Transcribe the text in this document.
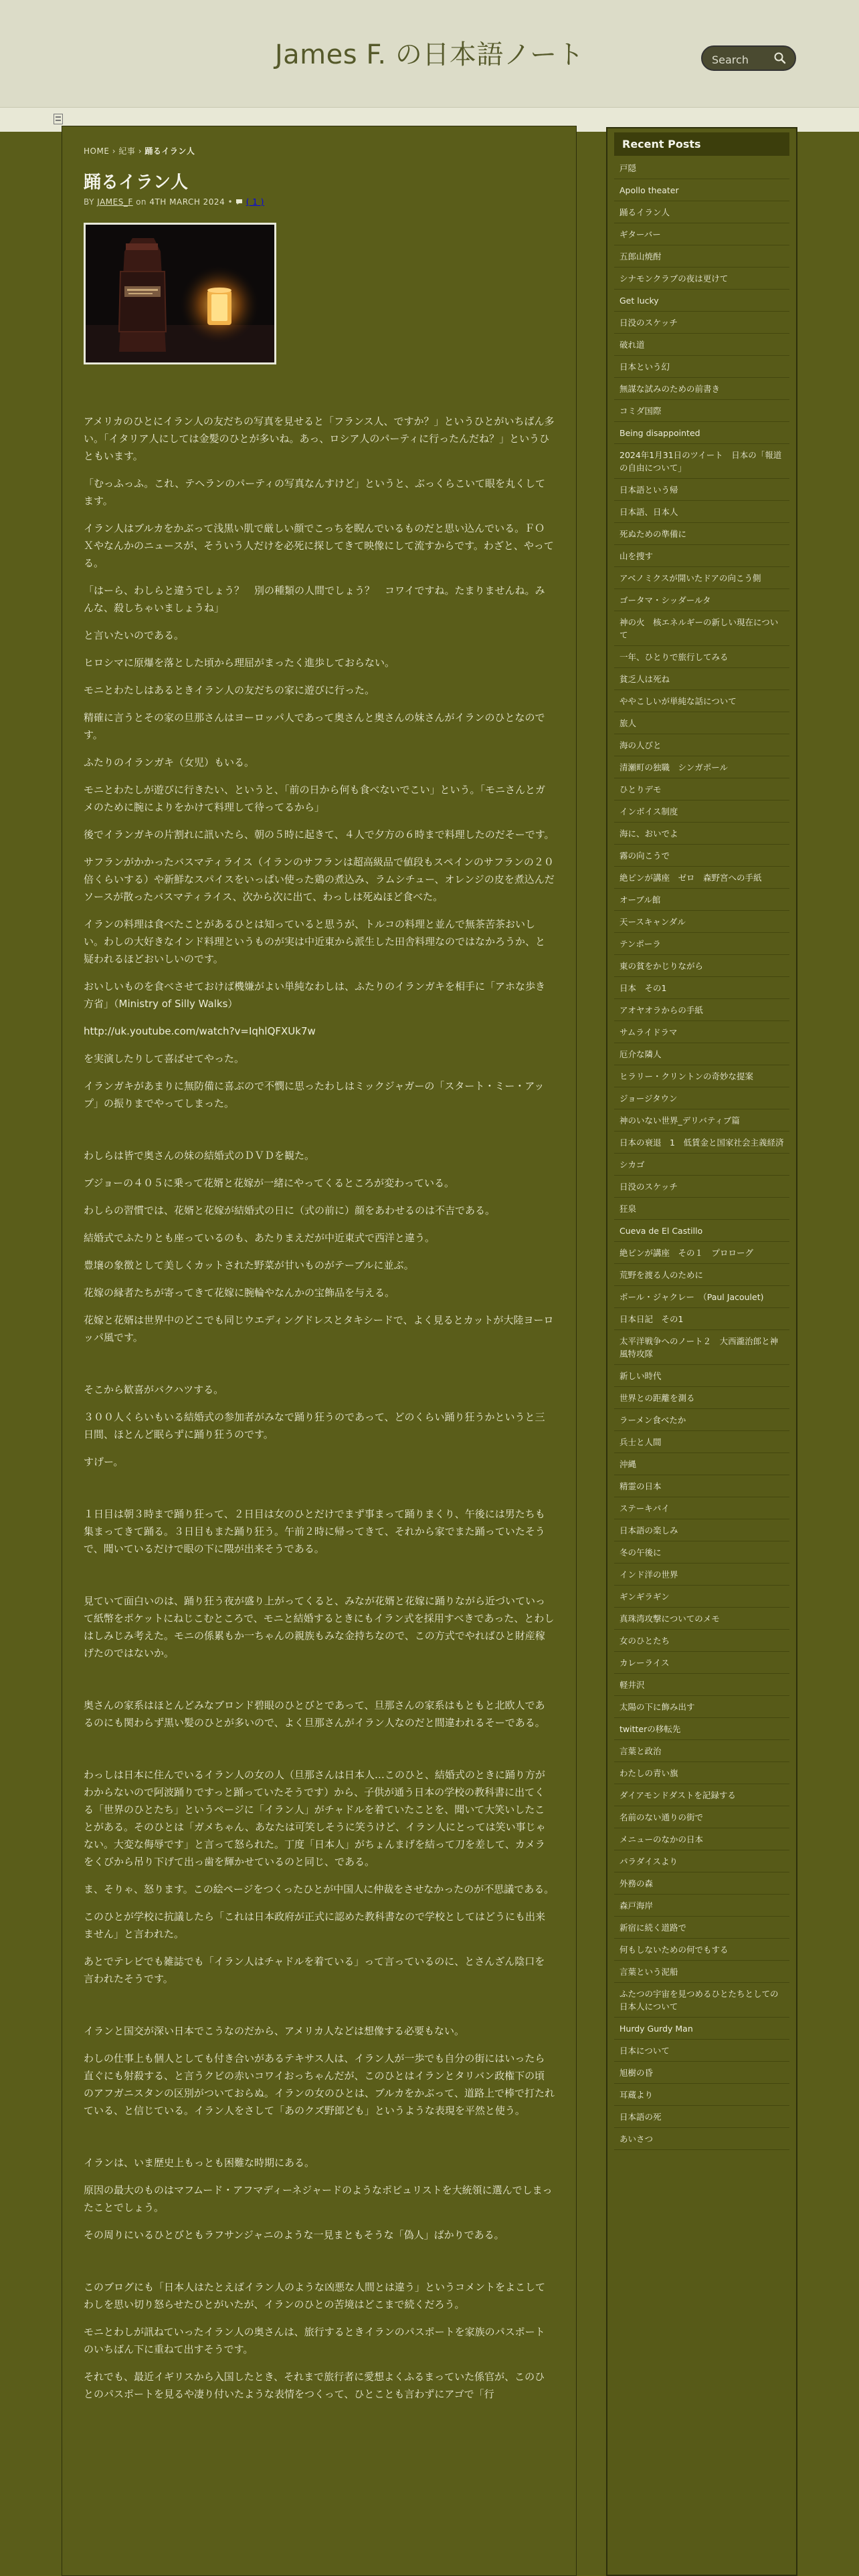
James F. の日本語ノート
Search
HOME › 紀事 › 踊るイラン人
踊るイラン人
BY JAMES_F on 4TH MARCH 2024 • ( 1 )

アメリカのひとにイラン人の友だちの写真を見せると「フランス人、ですか？」というひとがいちばん多い。「イタリア人にしては金髪のひとが多いね。あっ、ロシア人のパーティに行ったんだね？」というひともいます。

「むっふっふ。これ、テヘランのパーティの写真なんすけど」というと、ぶっくらこいて眼を丸くしてます。

イラン人はブルカをかぶって浅黒い肌で厳しい顔でこっちを睨んでいるものだと思い込んでいる。ＦＯＸやなんかのニュースが、そういう人だけを必死に探してきて映像にして流すからです。わざと、やってる。

「はーら、わしらと違うでしょう？　別の種類の人間でしょう？　コワイですね。たまりませんね。みんな、殺しちゃいましょうね」

と言いたいのである。

ヒロシマに原爆を落とした頃から理屈がまったく進歩しておらない。

モニとわたしはあるときイラン人の友だちの家に遊びに行った。

精確に言うとその家の旦那さんはヨーロッパ人であって奥さんと奥さんの妹さんがイランのひとなのです。

ふたりのイランガキ（女児）もいる。

モニとわたしが遊びに行きたい、というと、「前の日から何も食べないでこい」という。「モニさんとガメのために腕によりをかけて料理して待ってるから」

後でイランガキの片割れに訊いたら、朝の５時に起きて、４人で夕方の６時まで料理したのだそーです。

サフランがかかったバスマティライス（イランのサフランは超高級品で値段もスペインのサフランの２０倍くらいする）や新鮮なスパイスをいっぱい使った鶏の煮込み、ラムシチュー、オレンジの皮を煮込んだソースが散ったバスマティライス、次から次に出て、わっしは死ぬほど食べた。

イランの料理は食べたことがあるひとは知っていると思うが、トルコの料理と並んで無茶苦茶おいしい。わしの大好きなインド料理というものが実は中近東から派生した田舎料理なのではなかろうか、と疑われるほどおいしいのです。

おいしいものを食べさせておけば機嫌がよい単純なわしは、ふたりのイランガキを相手に「アホな歩き方省」（Ministry of Silly Walks）

http://uk.youtube.com/watch?v=IqhlQFXUk7w

を実演したりして喜ばせてやった。

イランガキがあまりに無防備に喜ぶので不憫に思ったわしはミックジャガーの「スタート・ミー・アップ」の振りまでやってしまった。

わしらは皆で奥さんの妹の結婚式のＤＶＤを観た。

ブジョーの４０５に乗って花婿と花嫁が一緒にやってくるところが変わっている。

わしらの習慣では、花婿と花嫁が結婚式の日に（式の前に）顔をあわせるのは不吉である。

結婚式でふたりとも座っているのも、あたりまえだが中近東式で西洋と違う。

豊壌の象徴として美しくカットされた野菜が甘いものがテーブルに並ぶ。

花嫁の縁者たちが寄ってきて花嫁に腕輪やなんかの宝飾品を与える。

花嫁と花婿は世界中のどこでも同じウエディングドレスとタキシードで、よく見るとカットが大陸ヨーロッパ風です。

そこから歓喜がバクハツする。

３００人くらいもいる結婚式の参加者がみなで踊り狂うのであって、どのくらい踊り狂うかというと三日間、ほとんど眠らずに踊り狂うのです。

すげー。

１日目は朝３時まで踊り狂って、２日目は女のひとだけでまず事まって踊りまくり、午後には男たちも集まってきて踊る。３日目もまた踊り狂う。午前２時に帰ってきて、それから家でまた踊っていたそうで、聞いているだけで眼の下に隈が出来そうである。

見ていて面白いのは、踊り狂う夜が盛り上がってくると、みなが花婿と花嫁に踊りながら近づいていって紙幣をポケットにねじこむところで、モニと結婚するときにもイラン式を採用すべきであった、とわしはしみじみ考えた。モニの係累もか一ちゃんの親族もみな金持ちなので、この方式でやればひと財産稼げたのではないか。

奥さんの家系はほとんどみなブロンド碧眼のひとびとであって、旦那さんの家系はもともと北欧人であるのにも関わらず黒い髪のひとが多いので、よく旦那さんがイラン人なのだと間違われるそーである。

わっしは日本に住んでいるイラン人の女の人（旦那さんは日本人…このひと、結婚式のときに踊り方がわからないので阿波踊りですっと踊っていたそうです）から、子供が通う日本の学校の教科書に出てくる「世界のひとたち」というページに「イラン人」がチャドルを着ていたことを、聞いて大笑いしたことがある。そのひとは「ガメちゃん、あなたは可笑しそうに笑うけど、イラン人にとっては笑い事じゃない。大変な侮辱です」と言って怒られた。丁度「日本人」がちょんまげを結って刀を差して、カメラをくびから吊り下げて出っ歯を輝かせているのと同じ、である。

ま、そりゃ、怒ります。この絵ページをつくったひとが中国人に仲裁をさせなかったのが不思議である。

このひとが学校に抗議したら「これは日本政府が正式に認めた教科書なので学校としてはどうにも出来ません」と言われた。

あとでテレビでも雑誌でも「イラン人はチャドルを着ている」って言っているのに、とさんざん陰口を言われたそうです。

イランと国交が深い日本でこうなのだから、アメリカ人などは想像する必要もない。

わしの仕事上も個人としても付き合いがあるテキサス人は、イラン人が一歩でも自分の街にはいったら直ぐにも射殺する、と言うクビの赤いコワイおっちゃんだが、このひとはイランとタリバン政権下の頃のアフガニスタンの区別がついておらぬ。イランの女のひとは、ブルカをかぶって、道路上で棒で打たれている、と信じている。イラン人をさして「あのクズ野郎ども」というような表現を平然と使う。

イランは、いま歴史上もっとも困難な時期にある。

原因の最大のものはマフムード・アフマディーネジャードのようなポピュリストを大統領に選んでしまったことでしょう。

その周りにいるひとびともラフサンジャニのような一見まともそうな「偽人」ばかりである。

このブログにも「日本人はたとえばイラン人のような凶悪な人間とは違う」というコメントをよこしてわしを思い切り怒らせたひとがいたが、イランのひとの苦境はどこまで続くだろう。

モニとわしが訊ねていったイラン人の奥さんは、旅行するときイランのパスポートを家族のパスポートのいちばん下に重ねて出すそうです。

それでも、最近イギリスから入国したとき、それまで旅行者に愛想よくふるまっていた係官が、このひとのパスポートを見るや凄り付いたような表情をつくって、ひとことも言わずにアゴで「行

Recent Posts
戸隠
Apollo theater
踊るイラン人
ギターバー
五郎山焼酎
シナモンクラブの夜は更けて
Get lucky
日没のスケッチ
破れ道
日本という幻
無謀な試みのための前書き
コミダ国際
Being disappointed
2024年1月31日のツイート　日本の「報道の自由について」
日本語という帰
日本語、日本人
死ぬための準備に
山を捜す
アベノミクスが開いたドアの向こう側
ゴータマ・シッダールタ
神の火　核エネルギーの新しい現在について
一年、ひとりで旅行してみる
貧乏人は死ね
ややこしいが単純な話について
旅人
海の人びと
清瀬町の独職　シンガポール
ひとりデモ
インボイス制度
海に、おいでよ
霧の向こうで
絶ピンが講座　ゼロ　森野宮への手紙
オーブル館
天ースキャンダル
テンポーラ
東の貧をかじりながら
日本　その1
アオヤオラからの手紙
サムライドラマ
厄介な隣人
ヒラリー・クリントンの奇妙な提案
ジョージタウン
神のいない世界_デリバティブ篇
日本の衰退　1　低賃金と国家社会主義経済
シカゴ
日没のスケッチ
狂泉
Cueva de El Castillo
絶ピンが講座　その１　プロローグ
荒野を渡る人のために
ボール・ジャクレー　（Paul Jacoulet)
日本日記　その1
太平洋戦争へのノート２　大西瀧治郎と神風特攻隊
新しい時代
世界との距離を測る
ラーメン食べたか
兵士と人間
沖縄
精霊の日本
ステーキパイ
日本語の楽しみ
冬の午後に
インド洋の世界
ギンギラギン
真珠湾攻撃についてのメモ
女のひとたち
カレーライス
軽井沢
太陽の下に飾み出す
twitterの移転先
言葉と政治
わたしの青い旗
ダイアモンドダストを記録する
名前のない通りの街で
メニューのなかの日本
パラダイスより
外務の森
森戸海岸
新宿に続く道路で
何もしないための何でもする
言葉という泥船
ふたつの宇宙を見つめるひとたちとしての日本人について
Hurdy Gurdy Man
日本について
旭樹の昏
耳蔵より
日本語の死
あいさつ
